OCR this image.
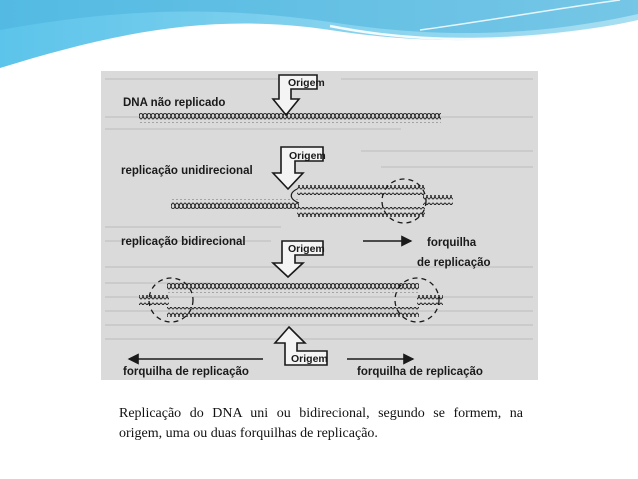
DNA não replicado
Origem
replicação unidirecional
Origem
replicação bidirecional
Origem	forquilha
de replicação
Origem
forquilha de replicação	forquilha de replicação
Replicação do DNA uni ou bidirecional, segundo se formem, na origem, uma ou duas forquilhas de replicação.
